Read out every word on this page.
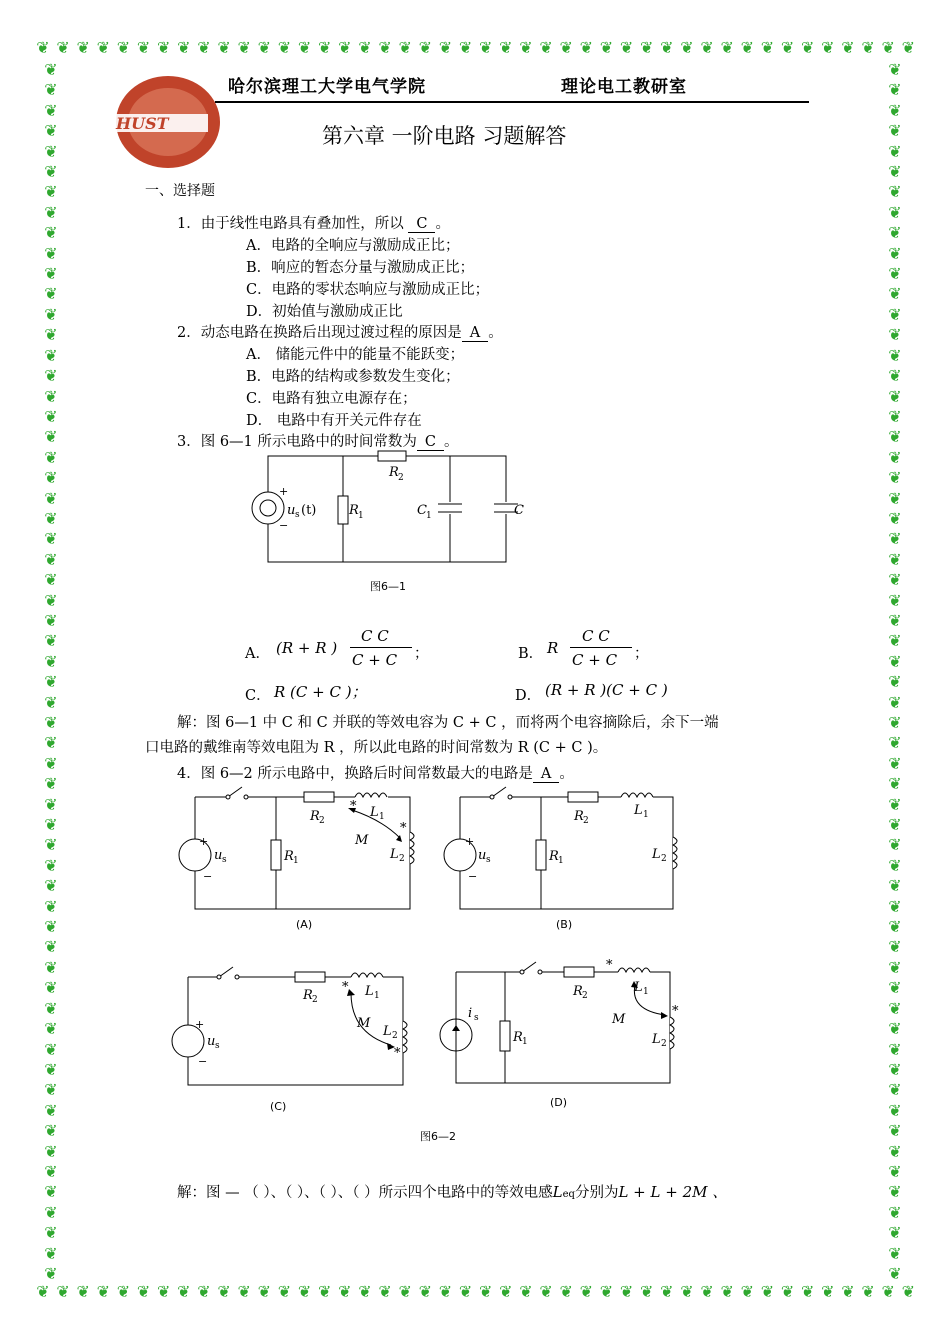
❦ ❦ ❦ ❦ ❦ ❦ ❦ ❦ ❦ ❦ ❦ ❦ ❦ ❦ ❦ ❦ ❦ ❦ ❦ ❦ ❦ ❦ ❦ ❦ ❦ ❦ ❦ ❦ ❦ ❦ ❦ ❦ ❦ ❦ ❦ ❦ ❦ ❦ ❦ ❦ ❦ ❦ ❦ ❦
❦ ❦ ❦ ❦ ❦ ❦ ❦ ❦ ❦ ❦ ❦ ❦ ❦ ❦ ❦ ❦ ❦ ❦ ❦ ❦ ❦ ❦ ❦ ❦ ❦ ❦ ❦ ❦ ❦ ❦ ❦ ❦ ❦ ❦ ❦ ❦ ❦ ❦ ❦ ❦ ❦ ❦ ❦ ❦
❦
❦
❦
❦
❦
❦
❦
❦
❦
❦
❦
❦
❦
❦
❦
❦
❦
❦
❦
❦
❦
❦
❦
❦
❦
❦
❦
❦
❦
❦
❦
❦
❦
❦
❦
❦
❦
❦
❦
❦
❦
❦
❦
❦
❦
❦
❦
❦
❦
❦
❦
❦
❦
❦
❦
❦
❦
❦
❦
❦
❦
❦
❦
❦
❦
❦
❦
❦
❦
❦
❦
❦
❦
❦
❦
❦
❦
❦
❦
❦
❦
❦
❦
❦
❦
❦
❦
❦
❦
❦
❦
❦
❦
❦
❦
❦
❦
❦
❦
❦
❦
❦
❦
❦
❦
❦
❦
❦
❦
❦
❦
❦
❦
❦
❦
❦
❦
❦
❦
❦
HUST
哈尔滨理工大学电气学院	理论电工教研室
第六章 一阶电路 习题解答
一、选择题
1．由于线性电路具有叠加性，所以 C 。
A．电路的全响应与激励成正比；
B．响应的暂态分量与激励成正比；
C．电路的零状态响应与激励成正比；
D．初始值与激励成正比
2．动态电路在换路后出现过渡过程的原因是 A 。
A． 储能元件中的能量不能跃变；
B．电路的结构或参数发生变化；
C．电路有独立电源存在；
D． 电路中有开关元件存在
3．图 6—1 所示电路中的时间常数为 C 。
+
−
u s (t)	R 1
R 2
C 1	C
图6—1
A． (R + R )
C C
C + C ；	B． R
C C
C + C ；
C． R (C + C )；	D． (R + R )(C + C )
解：图 6—1 中 C 和 C 并联的等效电容为 C + C ，而将两个电容摘除后，余下一端
口电路的戴维南等效电阻为 R ，所以此电路的时间常数为 R (C + C )。
4．图 6—2 所示电路中，换路后时间常数最大的电路是 A 。
+
−
u s	R 1
R 2
L 1
L 2
M
*
*
(A)
+
−
u s	R 1
R 2
L 1
L 2
(B)
+
−
u s
R 2
L 1
L 2
M
*
*
(C)
i s
R 1
R 2
L 1
L 2
M
*
*
(D)
图6—2
解：图 — （ ）、（ ）、（ ）、（ ）所示四个电路中的等效电感Leq分别为L + L + 2M 、
